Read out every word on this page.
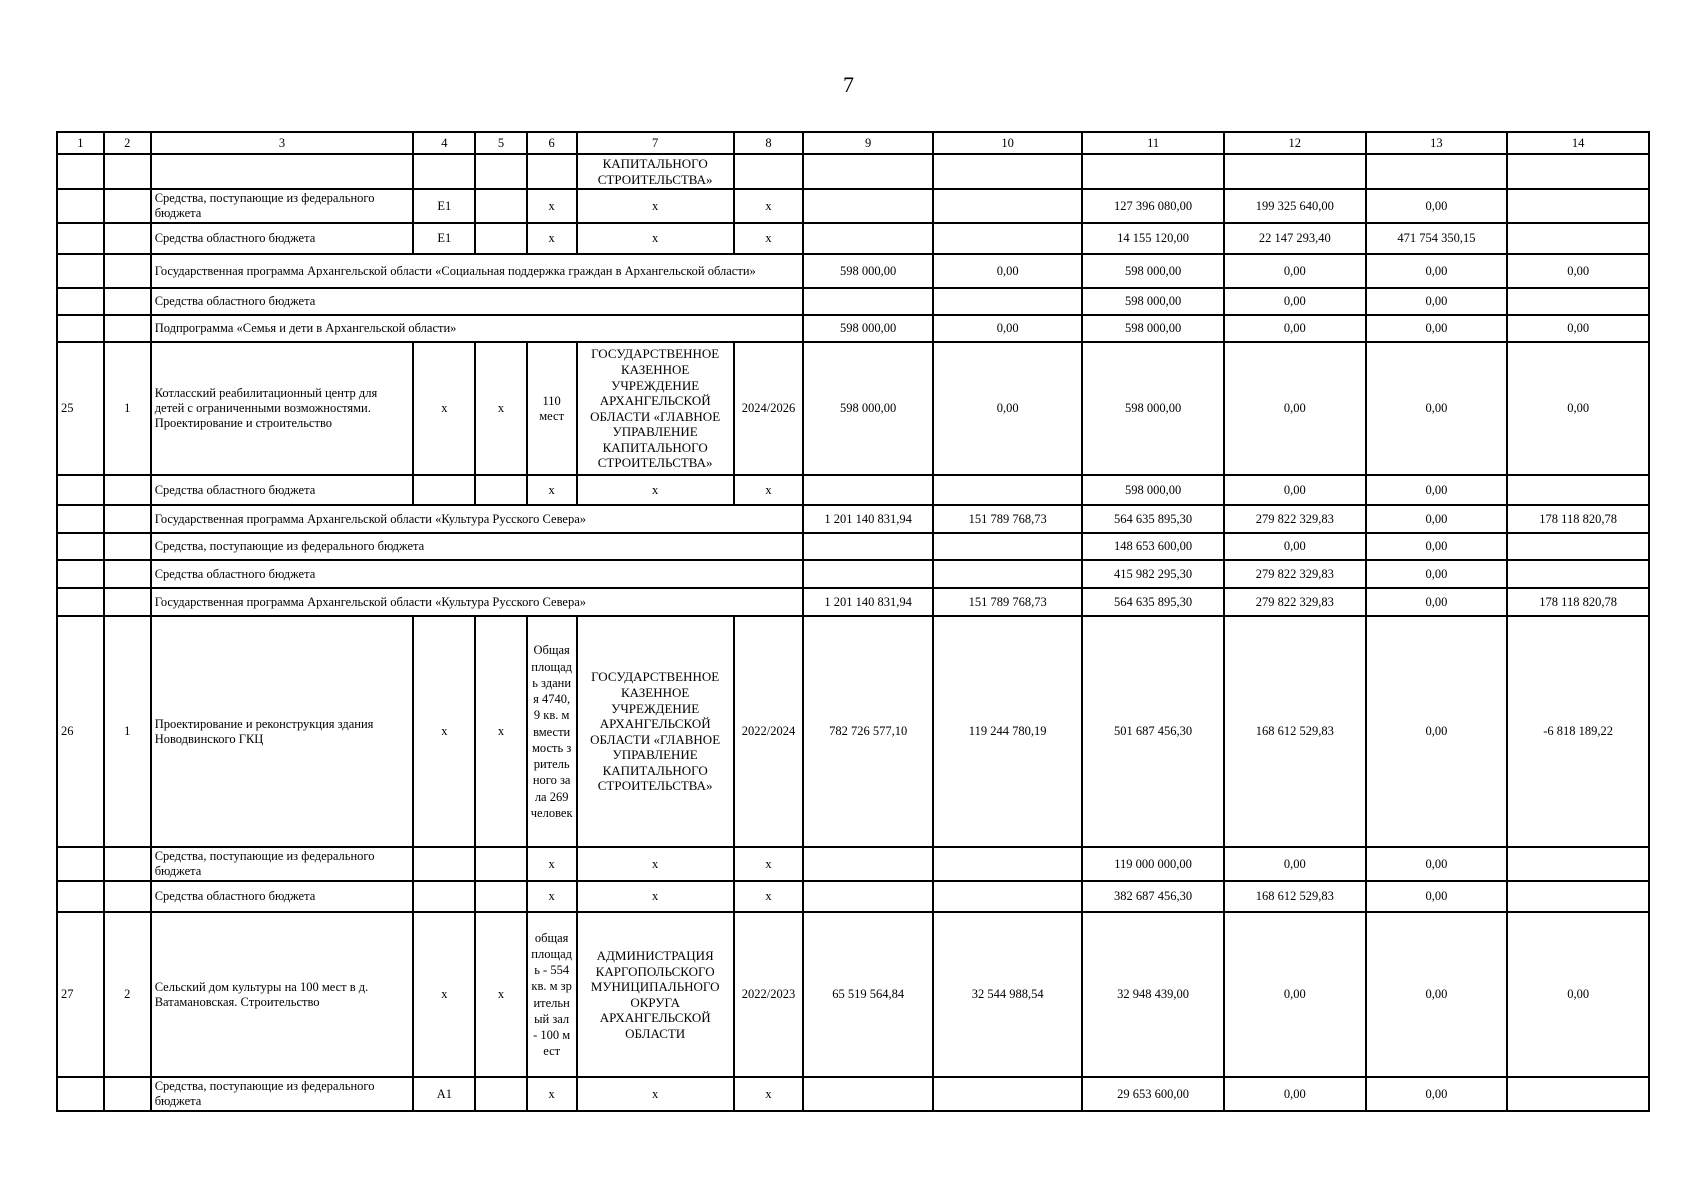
7
1	2	3	4	5	6	7	8	9	10	11	12	13	14
						КАПИТАЛЬНОГО СТРОИТЕЛЬСТВА»							
		Средства, поступающие из федерального бюджета	E1		x	x	x			127 396 080,00	199 325 640,00	0,00	
		Средства областного бюджета	E1		x	x	x			14 155 120,00	22 147 293,40	471 754 350,15	
		Государственная программа Архангельской области «Социальная поддержка граждан в Архангельской области»						598 000,00	0,00	598 000,00	0,00	0,00	0,00
		Средства областного бюджета								598 000,00	0,00	0,00	
		Подпрограмма «Семья и дети в Архангельской области»						598 000,00	0,00	598 000,00	0,00	0,00	0,00
25	1	Котласский реабилитационный центр для детей с ограниченными возможностями. Проектирование и строительство	x	x	110 мест	ГОСУДАРСТВЕННОЕ КАЗЕННОЕ УЧРЕЖДЕНИЕ АРХАНГЕЛЬСКОЙ ОБЛАСТИ «ГЛАВНОЕ УПРАВЛЕНИЕ КАПИТАЛЬНОГО СТРОИТЕЛЬСТВА»	2024/2026	598 000,00	0,00	598 000,00	0,00	0,00	0,00
		Средства областного бюджета			x	x	x			598 000,00	0,00	0,00	
		Государственная программа Архангельской области «Культура Русского Севера»						1 201 140 831,94	151 789 768,73	564 635 895,30	279 822 329,83	0,00	178 118 820,78
		Средства, поступающие из федерального бюджета								148 653 600,00	0,00	0,00	
		Средства областного бюджета								415 982 295,30	279 822 329,83	0,00	
		Государственная программа Архангельской области «Культура Русского Севера»						1 201 140 831,94	151 789 768,73	564 635 895,30	279 822 329,83	0,00	178 118 820,78
26	1	Проектирование и реконструкция здания Новодвинского ГКЦ	x	x	Общая площадь здания 4740,9 кв. м вместимость зрительного зала 269 человек	ГОСУДАРСТВЕННОЕ КАЗЕННОЕ УЧРЕЖДЕНИЕ АРХАНГЕЛЬСКОЙ ОБЛАСТИ «ГЛАВНОЕ УПРАВЛЕНИЕ КАПИТАЛЬНОГО СТРОИТЕЛЬСТВА»	2022/2024	782 726 577,10	119 244 780,19	501 687 456,30	168 612 529,83	0,00	-6 818 189,22
		Средства, поступающие из федерального бюджета			x	x	x			119 000 000,00	0,00	0,00	
		Средства областного бюджета			x	x	x			382 687 456,30	168 612 529,83	0,00	
27	2	Сельский дом культуры на 100 мест в д. Ватамановская. Строительство	x	x	общая площадь - 554 кв. м зрительный зал - 100 мест	АДМИНИСТРАЦИЯ КАРГОПОЛЬСКОГО МУНИЦИПАЛЬНОГО ОКРУГА АРХАНГЕЛЬСКОЙ ОБЛАСТИ	2022/2023	65 519 564,84	32 544 988,54	32 948 439,00	0,00	0,00	0,00
		Средства, поступающие из федерального бюджета	A1		x	x	x			29 653 600,00	0,00	0,00	
